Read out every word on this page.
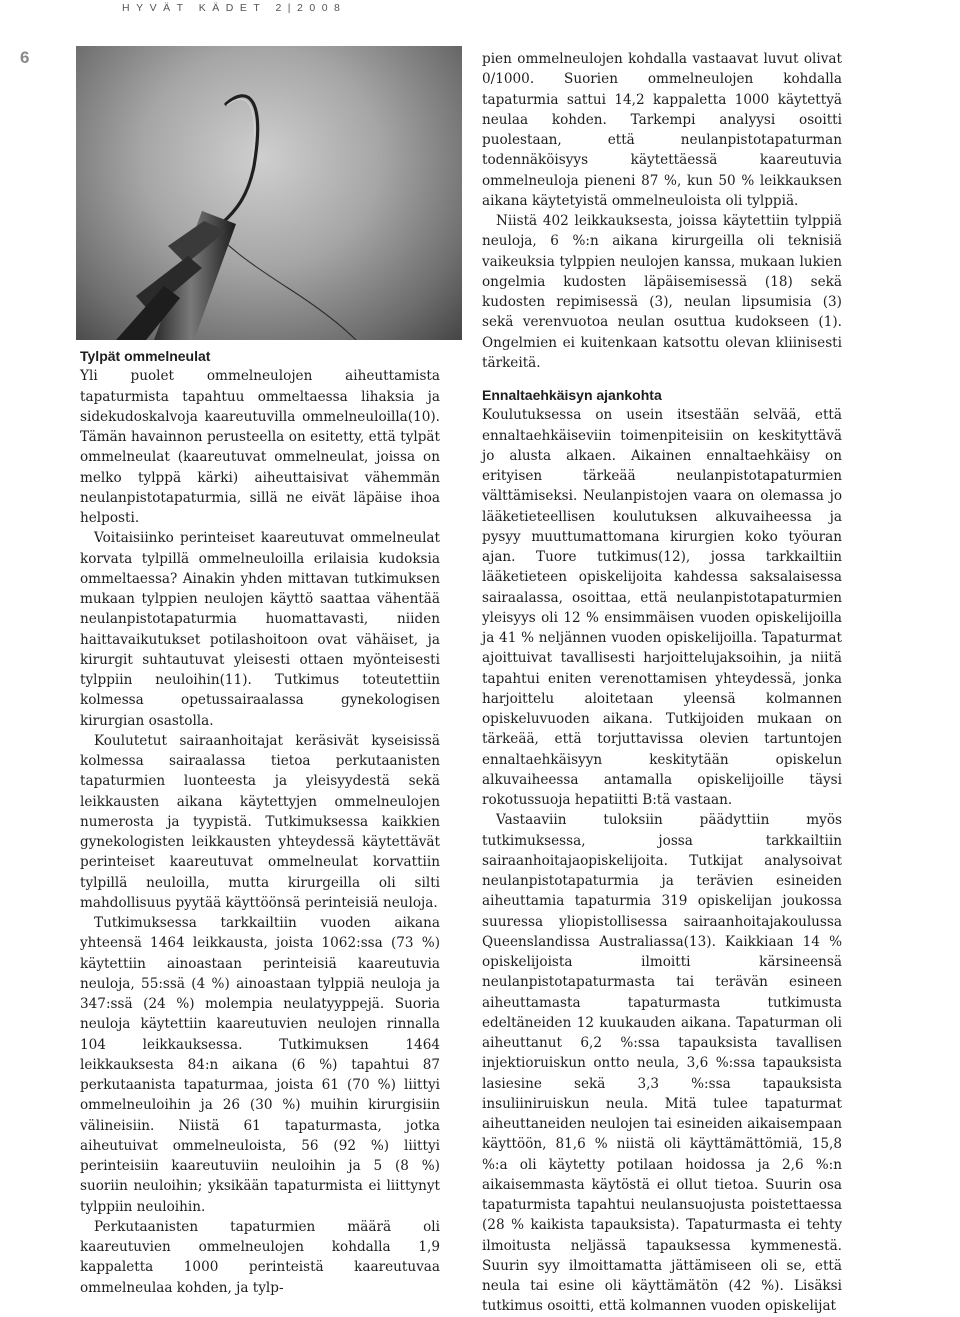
HYVÄT KÄDET 2|2008
6
Tylpät ommelneulat

Yli puolet ommelneulojen aiheuttamista tapaturmista tapahtuu ommeltaessa lihaksia ja sidekudoskalvoja kaareutuvilla ommelneuloilla(10). Tämän havainnon perusteella on esitetty, että tylpät ommelneulat (kaareutuvat ommelneulat, joissa on melko tylppä kärki) aiheuttaisivat vähemmän neulanpistotapaturmia, sillä ne eivät läpäise ihoa helposti.

Voitaisiinko perinteiset kaareutuvat ommelneulat korvata tylpillä ommelneuloilla erilaisia kudoksia ommeltaessa? Ainakin yhden mittavan tutkimuksen mukaan tylppien neulojen käyttö saattaa vähentää neulanpistotapaturmia huomattavasti, niiden haittavaikutukset potilashoitoon ovat vähäiset, ja kirurgit suhtautuvat yleisesti ottaen myönteisesti tylppiin neuloihin(11). Tutkimus toteutettiin kolmessa opetussairaalassa gynekologisen kirurgian osastolla.

Koulutetut sairaanhoitajat keräsivät kyseisissä kolmessa sairaalassa tietoa perkutaanisten tapaturmien luonteesta ja yleisyydestä sekä leikkausten aikana käytettyjen ommelneulojen numerosta ja tyypistä. Tutkimuksessa kaikkien gynekologisten leikkausten yhteydessä käytettävät perinteiset kaareutuvat ommelneulat korvattiin tylpillä neuloilla, mutta kirurgeilla oli silti mahdollisuus pyytää käyttöönsä perinteisiä neuloja.

Tutkimuksessa tarkkailtiin vuoden aikana yhteensä 1464 leikkausta, joista 1062:ssa (73 %) käytettiin ainoastaan perinteisiä kaareutuvia neuloja, 55:ssä (4 %) ainoastaan tylppiä neuloja ja 347:ssä (24 %) molempia neulatyyppejä. Suoria neuloja käytettiin kaareutuvien neulojen rinnalla 104 leikkauksessa. Tutkimuksen 1464 leikkauksesta 84:n aikana (6 %) tapahtui 87 perkutaanista tapaturmaa, joista 61 (70 %) liittyi ommelneuloihin ja 26 (30 %) muihin kirurgisiin välineisiin. Niistä 61 tapaturmasta, jotka aiheutuivat ommelneuloista, 56 (92 %) liittyi perinteisiin kaareutuviin neuloihin ja 5 (8 %) suoriin neuloihin; yksikään tapaturmista ei liittynyt tylppiin neuloihin.

Perkutaanisten tapaturmien määrä oli kaareutuvien ommelneulojen kohdalla 1,9 kappaletta 1000 perinteistä kaareutuvaa ommelneulaa kohden, ja tylp-

pien ommelneulojen kohdalla vastaavat luvut olivat 0/1000. Suorien ommelneulojen kohdalla tapaturmia sattui 14,2 kappaletta 1000 käytettyä neulaa kohden. Tarkempi analyysi osoitti puolestaan, että neulanpistotapaturman todennäköisyys käytettäessä kaareutuvia ommelneuloja pieneni 87 %, kun 50 % leikkauksen aikana käytetyistä ommelneuloista oli tylppiä.

Niistä 402 leikkauksesta, joissa käytettiin tylppiä neuloja, 6 %:n aikana kirurgeilla oli teknisiä vaikeuksia tylppien neulojen kanssa, mukaan lukien ongelmia kudosten läpäisemisessä (18) sekä kudosten repimisessä (3), neulan lipsumisia (3) sekä verenvuotoa neulan osuttua kudokseen (1). Ongelmien ei kuitenkaan katsottu olevan kliinisesti tärkeitä.

Ennaltaehkäisyn ajankohta

Koulutuksessa on usein itsestään selvää, että ennaltaehkäiseviin toimenpiteisiin on keskityttävä jo alusta alkaen. Aikainen ennaltaehkäisy on erityisen tärkeää neulanpistotapaturmien välttämiseksi. Neulanpistojen vaara on olemassa jo lääketieteellisen koulutuksen alkuvaiheessa ja pysyy muuttumattomana kirurgien koko työuran ajan. Tuore tutkimus(12), jossa tarkkailtiin lääketieteen opiskelijoita kahdessa saksalaisessa sairaalassa, osoittaa, että neulanpistotapaturmien yleisyys oli 12 % ensimmäisen vuoden opiskelijoilla ja 41 % neljännen vuoden opiskelijoilla. Tapaturmat ajoittuivat tavallisesti harjoittelujaksoihin, ja niitä tapahtui eniten verenottamisen yhteydessä, jonka harjoittelu aloitetaan yleensä kolmannen opiskeluvuoden aikana. Tutkijoiden mukaan on tärkeää, että torjuttavissa olevien tartuntojen ennaltaehkäisyyn keskitytään opiskelun alkuvaiheessa antamalla opiskelijoille täysi rokotussuoja hepatiitti B:tä vastaan.

Vastaaviin tuloksiin päädyttiin myös tutkimuksessa, jossa tarkkailtiin sairaanhoitajaopiskelijoita. Tutkijat analysoivat neulanpistotapaturmia ja terävien esineiden aiheuttamia tapaturmia 319 opiskelijan joukossa suuressa yliopistollisessa sairaanhoitajakoulussa Queenslandissa Australiassa(13). Kaikkiaan 14 % opiskelijoista ilmoitti kärsineensä neulanpistotapaturmasta tai terävän esineen aiheuttamasta tapaturmasta tutkimusta edeltäneiden 12 kuukauden aikana. Tapaturman oli aiheuttanut 6,2 %:ssa tapauksista tavallisen injektioruiskun ontto neula, 3,6 %:ssa tapauksista lasiesine sekä 3,3 %:ssa tapauksista insuliiniruiskun neula. Mitä tulee tapaturmat aiheuttaneiden neulojen tai esineiden aikaisempaan käyttöön, 81,6 % niistä oli käyttämättömiä, 15,8 %:a oli käytetty potilaan hoidossa ja 2,6 %:n aikaisemmasta käytöstä ei ollut tietoa. Suurin osa tapaturmista tapahtui neulansuojusta poistettaessa (28 % kaikista tapauksista). Tapaturmasta ei tehty ilmoitusta neljässä tapauksessa kymmenestä. Suurin syy ilmoittamatta jättämiseen oli se, että neula tai esine oli käyttämätön (42 %). Lisäksi tutkimus osoitti, että kolmannen vuoden opiskelijat
